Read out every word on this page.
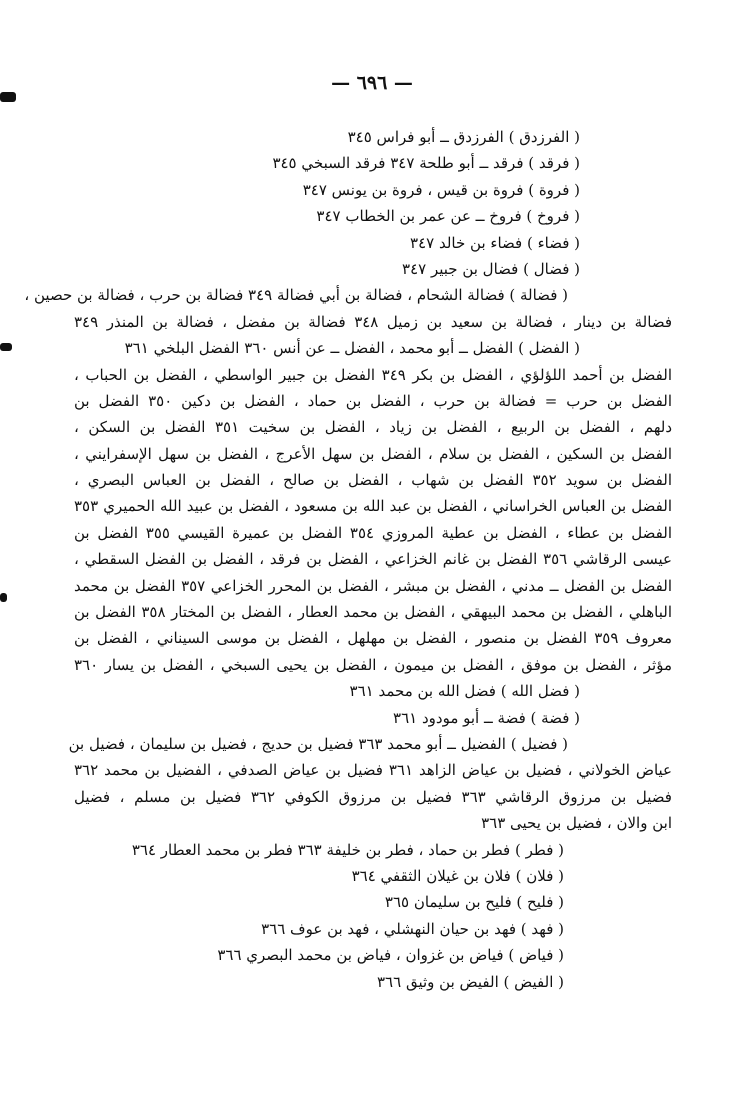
— ٦٩٦ —
( الفرزدق ) الفرزدق ــ أبو فراس ٣٤٥
( فرقد ) فرقد ــ أبو طلحة ٣٤٧ فرقد السبخي ٣٤٥
( فروة ) فروة بن قيس ، فروة بن يونس ٣٤٧
( فروخ ) فروخ ــ عن عمر بن الخطاب ٣٤٧
( فضاء ) فضاء بن خالد ٣٤٧
( فضال ) فضال بن جبير ٣٤٧
( فضالة ) فضالة الشحام ، فضالة بن أبي فضالة ٣٤٩ فضالة بن حرب ، فضالة بن حصين ،
فضالة بن دينار ، فضالة بن سعيد بن زميل ٣٤٨ فضالة بن مفضل ، فضالة بن المنذر ٣٤٩
( الفضل ) الفضل ــ أبو محمد ، الفضل ــ عن أنس ٣٦٠ الفضل البلخي ٣٦١
الفضل بن أحمد اللؤلؤي ، الفضل بن بكر ٣٤٩ الفضل بن جبير الواسطي ، الفضل بن الحباب ،
الفضل بن حرب = فضالة بن حرب ، الفضل بن حماد ، الفضل بن دكين ٣٥٠ الفضل بن
دلهم ، الفضل بن الربيع ، الفضل بن زياد ، الفضل بن سخيت ٣٥١ الفضل بن السكن ،
الفضل بن السكين ، الفضل بن سلام ، الفضل بن سهل الأعرج ، الفضل بن سهل الإسفرايني ،
الفضل بن سويد ٣٥٢ الفضل بن شهاب ، الفضل بن صالح ، الفضل بن العباس البصري ،
الفضل بن العباس الخراساني ، الفضل بن عبد الله بن مسعود ، الفضل بن عبيد الله الحميري ٣٥٣
الفضل بن عطاء ، الفضل بن عطية المروزي ٣٥٤ الفضل بن عميرة القيسي ٣٥٥ الفضل بن
عيسى الرقاشي ٣٥٦ الفضل بن غانم الخزاعي ، الفضل بن فرقد ، الفضل بن الفضل السقطي ،
الفضل بن الفضل ــ مدني ، الفضل بن مبشر ، الفضل بن المحرر الخزاعي ٣٥٧ الفضل بن محمد
الباهلي ، الفضل بن محمد البيهقي ، الفضل بن محمد العطار ، الفضل بن المختار ٣٥٨ الفضل بن
معروف ٣٥٩ الفضل بن منصور ، الفضل بن مهلهل ، الفضل بن موسى السيناني ، الفضل بن
مؤثر ، الفضل بن موفق ، الفضل بن ميمون ، الفضل بن يحيى السبخي ، الفضل بن يسار ٣٦٠
( فضل الله ) فضل الله بن محمد ٣٦١
( فضة ) فضة ــ أبو مودود ٣٦١
( فضيل ) الفضيل ــ أبو محمد ٣٦٣ فضيل بن حديج ، فضيل بن سليمان ، فضيل بن
عياض الخولاني ، فضيل بن عياض الزاهد ٣٦١ فضيل بن عياض الصدفي ، الفضيل بن محمد ٣٦٢
فضيل بن مرزوق الرقاشي ٣٦٣ فضيل بن مرزوق الكوفي ٣٦٢ فضيل بن مسلم ، فضيل
ابن والان ، فضيل بن يحيى ٣٦٣
( فطر ) فطر بن حماد ، فطر بن خليفة ٣٦٣ فطر بن محمد العطار ٣٦٤
( فلان ) فلان بن غيلان الثقفي ٣٦٤
( فليح ) فليح بن سليمان ٣٦٥
( فهد ) فهد بن حيان النهشلي ، فهد بن عوف ٣٦٦
( فياض ) فياض بن غزوان ، فياض بن محمد البصري ٣٦٦
( الفيض ) الفيض بن وثيق ٣٦٦
